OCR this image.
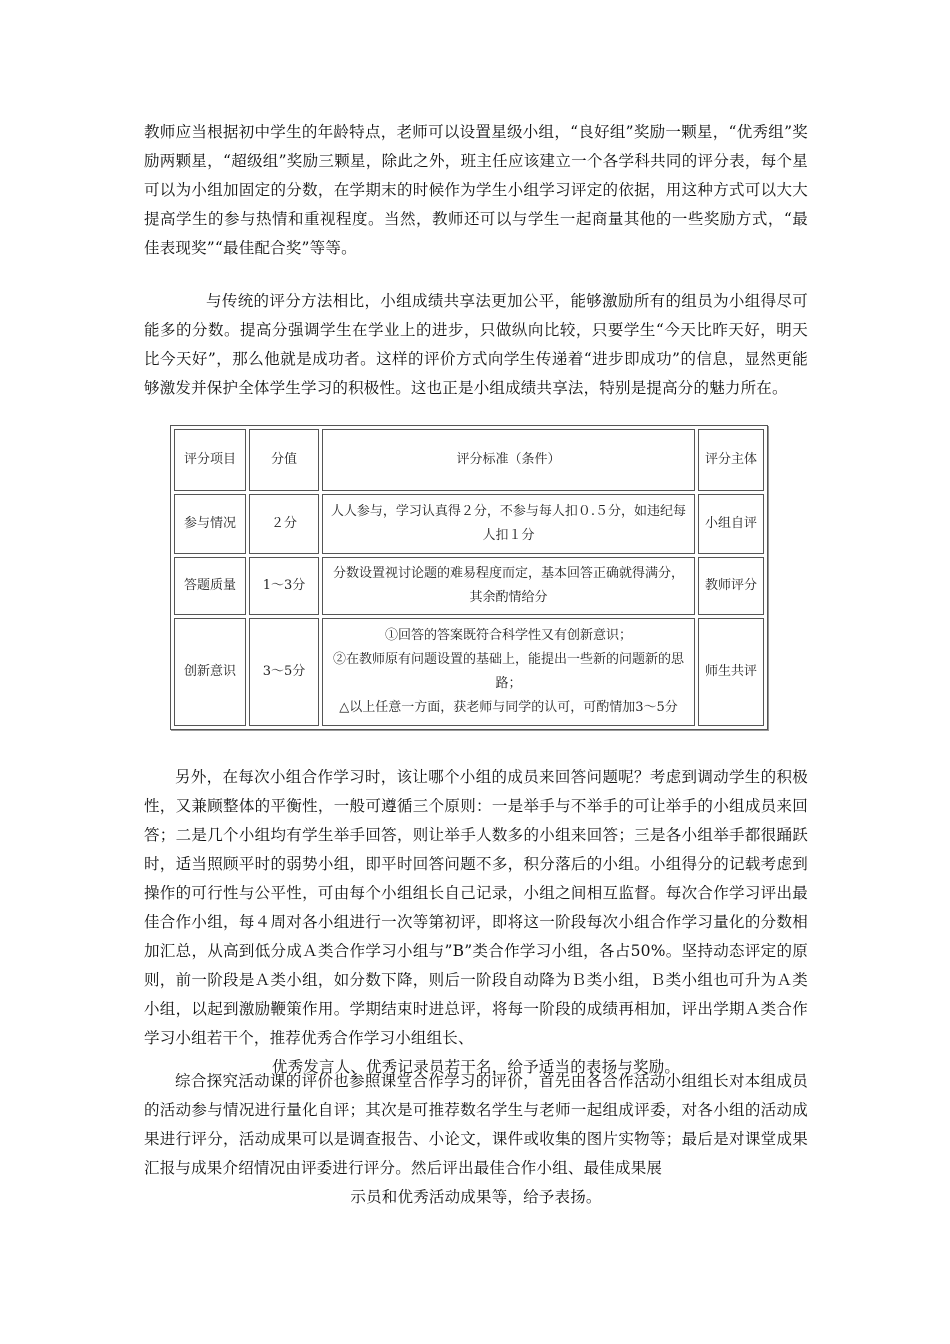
教师应当根据初中学生的年龄特点，老师可以设置星级小组，“良好组”奖励一颗星，“优秀组”奖励两颗星，“超级组”奖励三颗星，除此之外，班主任应该建立一个各学科共同的评分表，每个星可以为小组加固定的分数，在学期末的时候作为学生小组学习评定的依据，用这种方式可以大大提高学生的参与热情和重视程度。当然，教师还可以与学生一起商量其他的一些奖励方式，“最佳表现奖”“最佳配合奖”等等。

与传统的评分方法相比，小组成绩共享法更加公平，能够激励所有的组员为小组得尽可能多的分数。提高分强调学生在学业上的进步，只做纵向比较，只要学生“今天比昨天好，明天比今天好”，那么他就是成功者。这样的评价方式向学生传递着“进步即成功”的信息，显然更能够激发并保护全体学生学习的积极性。这也正是小组成绩共享法，特别是提高分的魅力所在。

评分项目	分值	评分标准（条件）	评分主体
参与情况	２分	人人参与，学习认真得２分，不参与每人扣０.５分，如违纪每人扣１分	小组自评
答题质量	1～3分	分数设置视讨论题的难易程度而定，基本回答正确就得满分，其余酌情给分	教师评分
创新意识	3～5分	①回答的答案既符合科学性又有创新意识；
②在教师原有问题设置的基础上，能提出一些新的问题新的思路；
△以上任意一方面，获老师与同学的认可，可酌情加3～5分	师生共评
另外，在每次小组合作学习时，该让哪个小组的成员来回答问题呢？考虑到调动学生的积极性，又兼顾整体的平衡性，一般可遵循三个原则：一是举手与不举手的可让举手的小组成员来回答；二是几个小组均有学生举手回答，则让举手人数多的小组来回答；三是各小组举手都很踊跃时，适当照顾平时的弱势小组，即平时回答问题不多，积分落后的小组。小组得分的记载考虑到操作的可行性与公平性，可由每个小组组长自己记录，小组之间相互监督。每次合作学习评出最佳合作小组，每４周对各小组进行一次等第初评，即将这一阶段每次小组合作学习量化的分数相加汇总，从高到低分成Ａ类合作学习小组与”B”类合作学习小组，各占50%。坚持动态评定的原则，前一阶段是Ａ类小组，如分数下降，则后一阶段自动降为Ｂ类小组，Ｂ类小组也可升为Ａ类小组，以起到激励鞭策作用。学期结束时进总评，将每一阶段的成绩再相加，评出学期Ａ类合作学习小组若干个，推荐优秀合作学习小组组长、
优秀发言人、优秀记录员若干名，给予适当的表扬与奖励。
综合探究活动课的评价也参照课堂合作学习的评价，首先由各合作活动小组组长对本组成员的活动参与情况进行量化自评；其次是可推荐数名学生与老师一起组成评委，对各小组的活动成果进行评分，活动成果可以是调查报告、小论文，课件或收集的图片实物等；最后是对课堂成果汇报与成果介绍情况由评委进行评分。然后评出最佳合作小组、最佳成果展
示员和优秀活动成果等，给予表扬。
